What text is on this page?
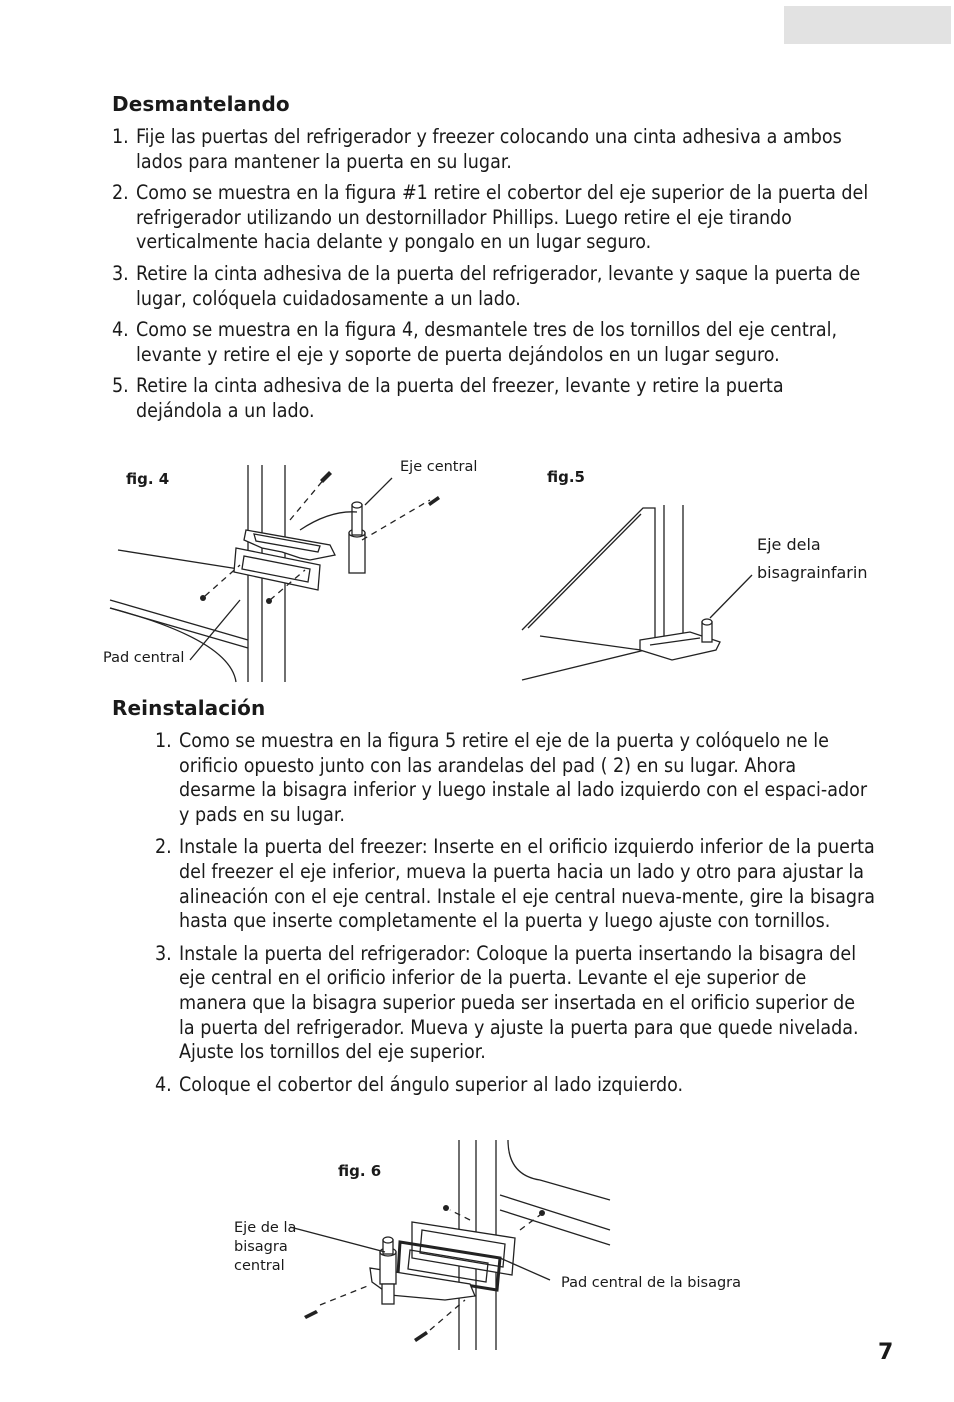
Desmantelando
1. Fije las puertas del refrigerador y freezer colocando una cinta adhesiva a ambos lados para mantener la puerta en su lugar.
2. Como se muestra en la figura #1 retire el cobertor del eje superior de la puerta del refrigerador utilizando un destornillador Phillips. Luego retire el eje tirando verticalmente hacia delante y pongalo en un lugar seguro.
3. Retire la cinta adhesiva de la puerta del refrigerador, levante y saque la puerta de lugar, colóquela cuidadosamente a un lado.
4. Como se muestra en la figura 4, desmantele tres de los tornillos del eje central, levante y retire el eje y soporte de puerta dejándolos en un lugar seguro.
5. Retire la cinta adhesiva de la puerta del freezer, levante y retire la puerta dejándola a un lado.
fig. 4
Eje central
Pad central
fig.5
Eje dela
bisagrainfarin
Reinstalación
1. Como se muestra en la figura 5 retire el eje de la puerta y colóquelo ne le orificio opuesto junto con las arandelas del pad ( 2) en su lugar. Ahora desarme la bisagra inferior y luego instale al lado izquierdo con el espaci-ador y pads en su lugar.
2. Instale la puerta del freezer: Inserte en el orificio izquierdo inferior de la puerta del freezer el eje inferior, mueva la puerta hacia un lado y otro para ajustar la alineación con el eje central. Instale el eje central nueva-mente, gire la bisagra hasta que inserte completamente el la puerta y luego ajuste con tornillos.
3. Instale la puerta del refrigerador: Coloque la puerta insertando la bisagra del eje central en el orificio inferior de la puerta. Levante el eje superior de manera que la bisagra superior pueda ser insertada en el orificio superior de la puerta del refrigerador. Mueva y ajuste la puerta para que quede nivelada. Ajuste los tornillos del eje superior.
4. Coloque el cobertor del ángulo superior al lado izquierdo.
fig. 6
Eje de la
bisagra
central
Pad central de la bisagra
7
